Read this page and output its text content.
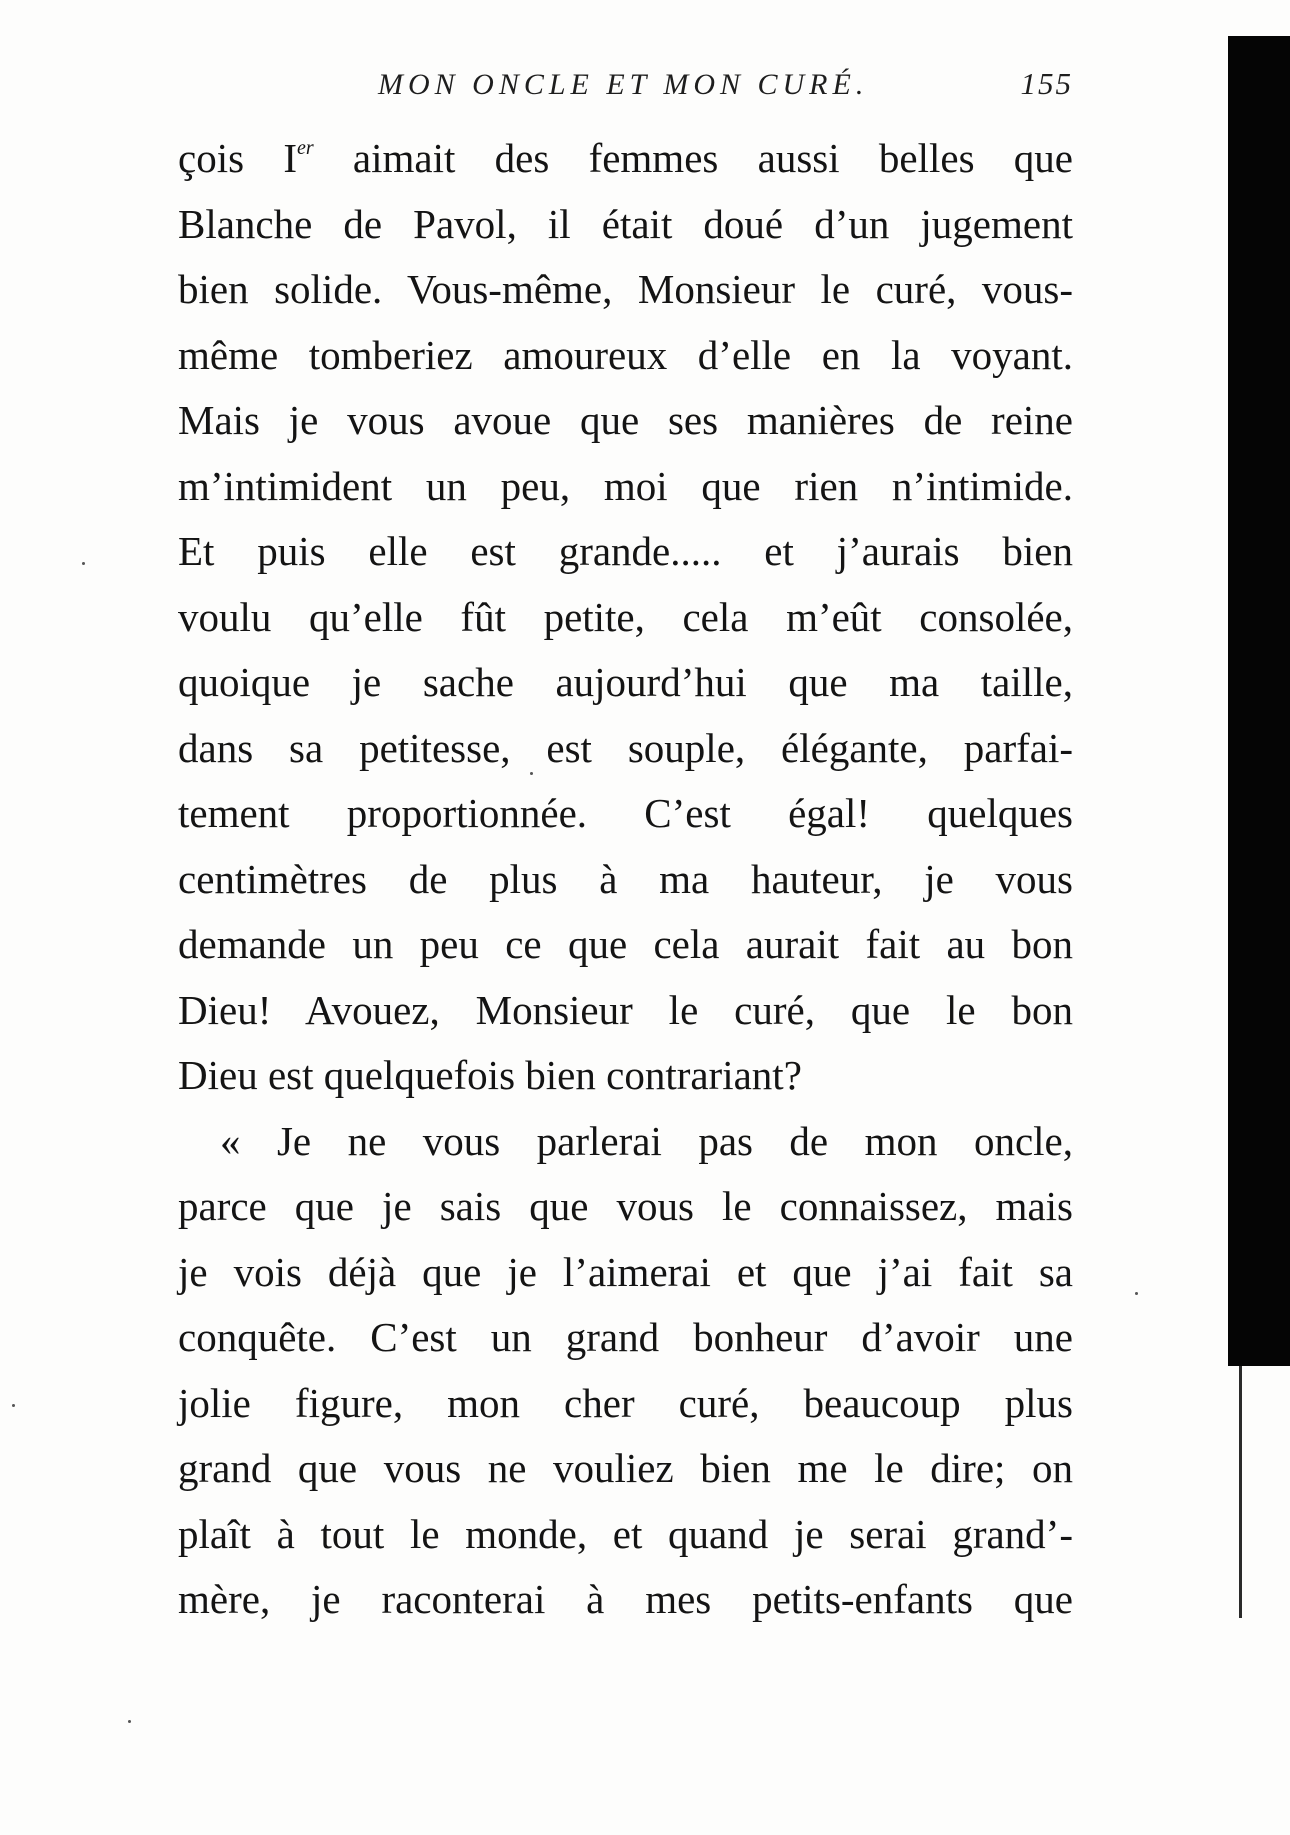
MON ONCLE ET MON CURÉ.	155
çois Ier aimait des femmes aussi belles que
Blanche de Pavol, il était doué d’un jugement
bien solide. Vous-même, Monsieur le curé, vous-
même tomberiez amoureux d’elle en la voyant.
Mais je vous avoue que ses manières de reine
m’intimident un peu, moi que rien n’intimide.
Et puis elle est grande..... et j’aurais bien
voulu qu’elle fût petite, cela m’eût consolée,
quoique je sache aujourd’hui que ma taille,
dans sa petitesse, est souple, élégante, parfai-
tement proportionnée. C’est égal! quelques
centimètres de plus à ma hauteur, je vous
demande un peu ce que cela aurait fait au bon
Dieu! Avouez, Monsieur le curé, que le bon
Dieu est quelquefois bien contrariant?
« Je ne vous parlerai pas de mon oncle,
parce que je sais que vous le connaissez, mais
je vois déjà que je l’aimerai et que j’ai fait sa
conquête. C’est un grand bonheur d’avoir une
jolie figure, mon cher curé, beaucoup plus
grand que vous ne vouliez bien me le dire; on
plaît à tout le monde, et quand je serai grand’-
mère, je raconterai à mes petits-enfants que
